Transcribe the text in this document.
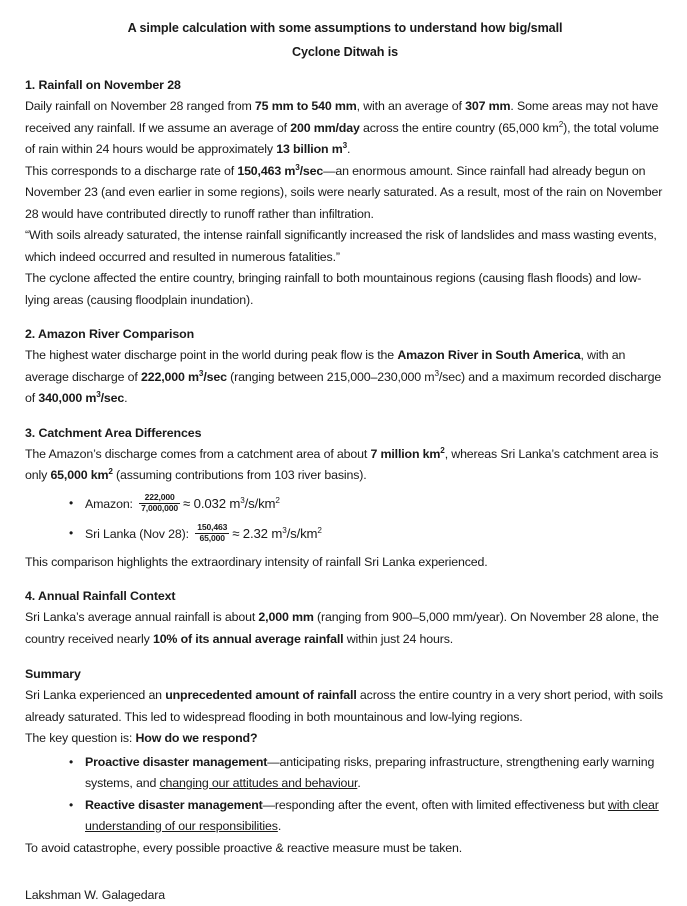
A simple calculation with some assumptions to understand how big/small
Cyclone Ditwah is
1. Rainfall on November 28

Daily rainfall on November 28 ranged from 75 mm to 540 mm, with an average of 307 mm. Some areas may not have received any rainfall. If we assume an average of 200 mm/day across the entire country (65,000 $km^2$), the total volume of rain within 24 hours would be approximately 13 billion $m^3$.

This corresponds to a discharge rate of 150,463 $m^3/\sec—an$ enormous amount. Since rainfall had already begun on November 23 (and even earlier in some regions), soils were nearly saturated. As a result, most of the rain on November 28 would have contributed directly to runoff rather than infiltration.

“With soils already saturated, the intense rainfall significantly increased the risk of landslides and mass wasting events, which indeed occurred and resulted in numerous fatalities.”

The cyclone affected the entire country, bringing rainfall to both mountainous regions (causing flash floods) and low-lying areas (causing floodplain inundation).

2. Amazon River Comparison

The highest water discharge point in the world during peak flow is the Amazon River in South America, with an average discharge of 222,000 $m^3/\sec$ (ranging between 215,000–230,000 $m^3/\sec$) and a maximum recorded discharge of 340,000 $m^3/\sec$.

3. Catchment Area Differences

The Amazon’s discharge comes from a catchment area of about 7 million $km^2$, whereas Sri Lanka’s catchment area is only 65,000 $km^2$ (assuming contributions from 103 river basins).

• Amazon: $\frac{222,000}{7,000,000} \approx 0.032$ $m^3/s/km^2$
• Sri Lanka (Nov 28): $\frac{150,463}{65,000} \approx 2.32$ $m^3/s/km^2$

This comparison highlights the extraordinary intensity of rainfall Sri Lanka experienced.

4. Annual Rainfall Context

Sri Lanka’s average annual rainfall is about 2,000 mm (ranging from 900–5,000 mm/year). On November 28 alone, the country received nearly 10% of its annual average rainfall within just 24 hours.

Summary

Sri Lanka experienced an unprecedented amount of rainfall across the entire country in a very short period, with soils already saturated. This led to widespread flooding in both mountainous and low-lying regions.

The key question is: How do we respond?

• Proactive disaster management—anticipating risks, preparing infrastructure, strengthening early warning systems, and changing our attitudes and behaviour.
• Reactive disaster management—responding after the event, often with limited effectiveness but with clear understanding of our responsibilities.

To avoid catastrophe, every possible proactive & reactive measure must be taken.

Lakshman W. Galagedara
